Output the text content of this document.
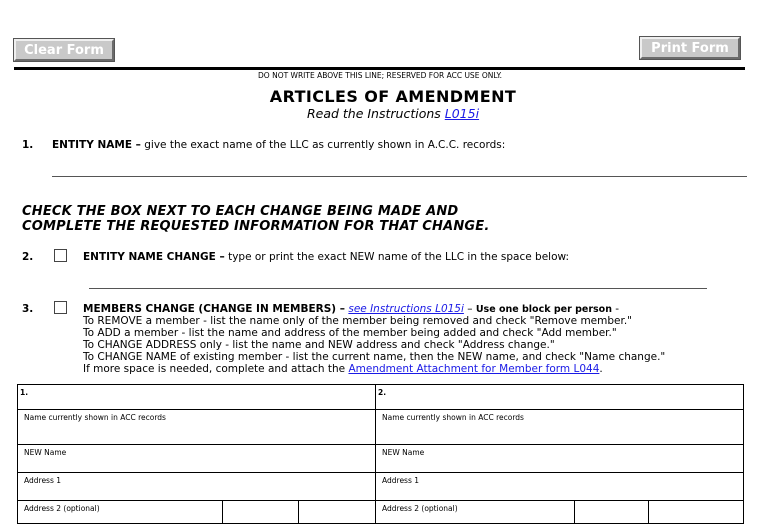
Clear Form	Print Form
DO NOT WRITE ABOVE THIS LINE; RESERVED FOR ACC USE ONLY.
ARTICLES OF AMENDMENT
Read the Instructions L015i
1. ENTITY NAME – give the exact name of the LLC as currently shown in A.C.C. records:
CHECK THE BOX NEXT TO EACH CHANGE BEING MADE AND
COMPLETE THE REQUESTED INFORMATION FOR THAT CHANGE.
2.	ENTITY NAME CHANGE – type or print the exact NEW name of the LLC in the space below:
3.	MEMBERS CHANGE (CHANGE IN MEMBERS) – see Instructions L015i – Use one block per person -
To REMOVE a member - list the name only of the member being removed and check "Remove member."
To ADD a member - list the name and address of the member being added and check "Add member."
To CHANGE ADDRESS only - list the name and NEW address and check "Address change."
To CHANGE NAME of existing member - list the current name, then the NEW name, and check "Name change."
If more space is needed, complete and attach the Amendment Attachment for Member form L044.
1.
Name currently shown in ACC records
NEW Name
Address 1
Address 2 (optional)
2.
Name currently shown in ACC records
NEW Name
Address 1
Address 2 (optional)
